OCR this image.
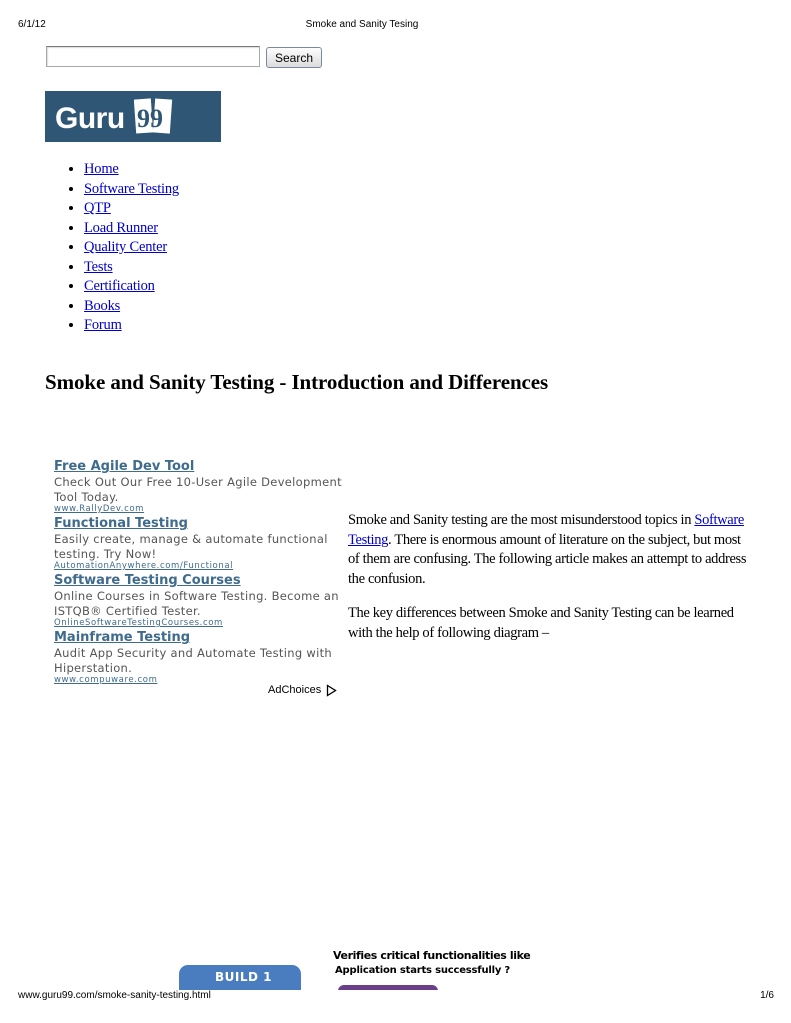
6/1/12	Smoke and Sanity Tesing
Search
Guru 99
• Home
• Software Testing
• QTP
• Load Runner
• Quality Center
• Tests
• Certification
• Books
• Forum
Smoke and Sanity Testing - Introduction and Differences
Free Agile Dev Tool
Check Out Our Free 10-User Agile Development Tool Today.
www.RallyDev.com
Functional Testing
Easily create, manage & automate functional testing. Try Now!
AutomationAnywhere.com/Functional
Software Testing Courses
Online Courses in Software Testing. Become an ISTQB® Certified Tester.
OnlineSoftwareTestingCourses.com
Mainframe Testing
Audit App Security and Automate Testing with Hiperstation.
www.compuware.com
AdChoices

Smoke and Sanity testing are the most misunderstood topics in Software Testing. There is enormous amount of literature on the subject, but most of them are confusing. The following article makes an attempt to address the confusion.

The key differences between Smoke and Sanity Testing can be learned with the help of following diagram –

BUILD 1
Verifies critical functionalities like
Application starts successfully ?
www.guru99.com/smoke-sanity-testing.html	1/6
